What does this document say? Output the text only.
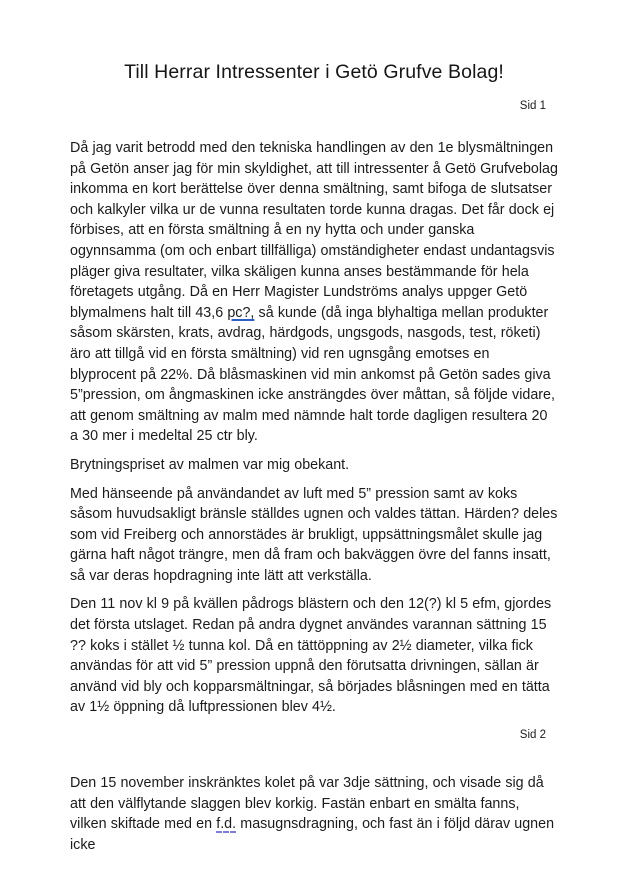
Till Herrar Intressenter i Getö Grufve Bolag!
Sid 1

Då jag varit betrodd med den tekniska handlingen av den 1e blysmältningen på Getön anser jag för min skyldighet, att till intressenter å Getö Grufvebolag inkomma en kort berättelse över denna smältning, samt bifoga de slutsatser och kalkyler vilka ur de vunna resultaten torde kunna dragas. Det får dock ej förbises, att en första smältning å en ny hytta och under ganska ogynnsamma (om och enbart tillfälliga) omständigheter endast undantagsvis pläger giva resultater, vilka skäligen kunna anses bestämmande för hela företagets utgång. Då en Herr Magister Lundströms analys uppger Getö blymalmens halt till 43,6 pc?, så kunde (då inga blyhaltiga mellan produkter såsom skärsten, krats, avdrag, härdgods, ungsgods, nasgods, test, röketi) äro att tillgå vid en första smältning) vid ren ugnsgång emotses en blyprocent på 22%. Då blåsmaskinen vid min ankomst på Getön sades giva 5”pression, om ångmaskinen icke ansträngdes över måttan, så följde vidare, att genom smältning av malm med nämnde halt torde dagligen resultera 20 a 30 mer i medeltal 25 ctr bly.

Brytningspriset av malmen var mig obekant.

Med hänseende på användandet av luft med 5” pression samt av koks såsom huvudsakligt bränsle ställdes ugnen och valdes tättan. Härden? deles som vid Freiberg och annorstädes är brukligt, uppsättningsmålet skulle jag gärna haft något trängre, men då fram och bakväggen övre del fanns insatt, så var deras hopdragning inte lätt att verkställa.

Den 11 nov kl 9 på kvällen pådrogs blästern och den 12(?) kl 5 efm, gjordes det första utslaget. Redan på andra dygnet användes varannan sättning 15 ?? koks i stället ½ tunna kol. Då en tättöppning av 2½ diameter, vilka fick användas för att vid 5” pression uppnå den förutsatta drivningen, sällan är använd vid bly och kopparsmältningar, så börjades blåsningen med en tätta av 1½ öppning då luftpressionen blev 4½.

Sid 2

Den 15 november inskränktes kolet på var 3dje sättning, och visade sig då att den välflytande slaggen blev korkig. Fastän enbart en smälta fanns, vilken skiftade med en f.d. masugnsdragning, och fast än i följd därav ugnen icke
